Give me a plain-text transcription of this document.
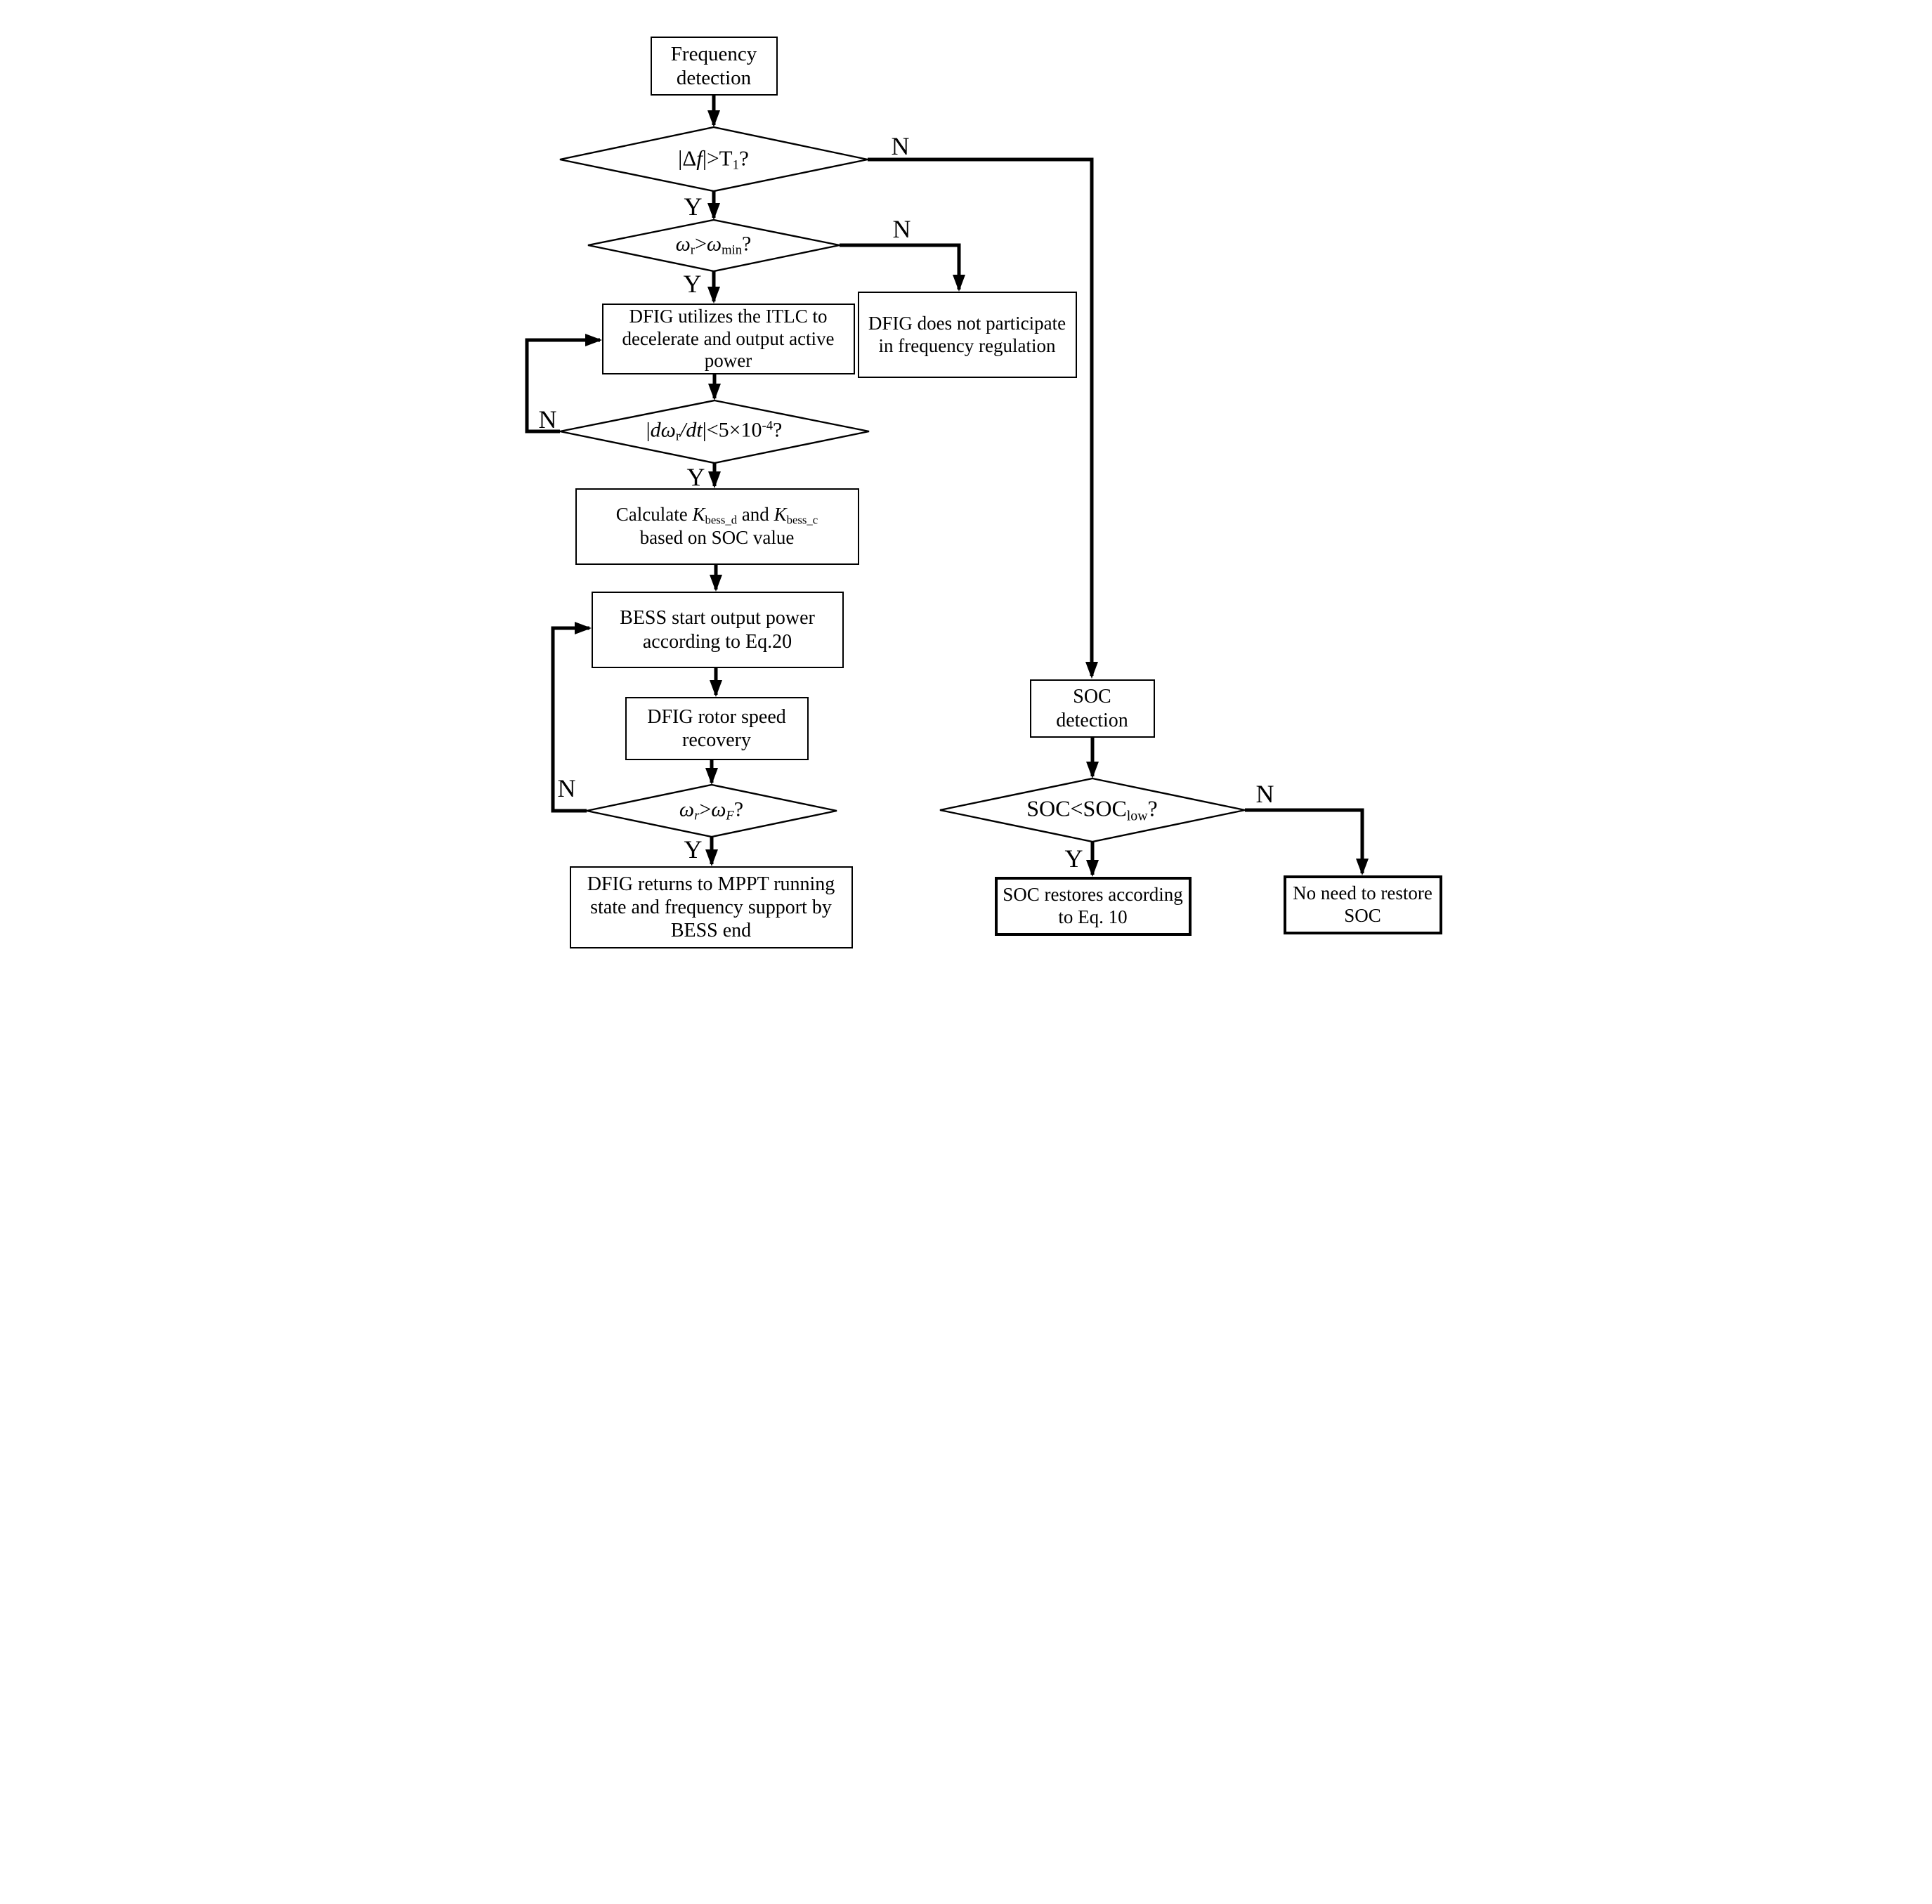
Frequency detection
DFIG utilizes the ITLC to decelerate and output active power
DFIG does not participate in frequency regulation
Calculate Kbess_d and Kbess_c
based on SOC value
BESS start output power according to Eq.20
DFIG rotor speed recovery
DFIG returns to MPPT running state and frequency support by BESS end
SOC detection
SOC restores according to Eq. 10
No need to restore SOC
|Δf|>T1?
ωr>ωmin?
$|d\omega r/dt|<5\times 10^{-4}$?
ωr>ωF?	SOC<SOClow?
Y
N
Y
N
N
Y
N
Y	Y
N
